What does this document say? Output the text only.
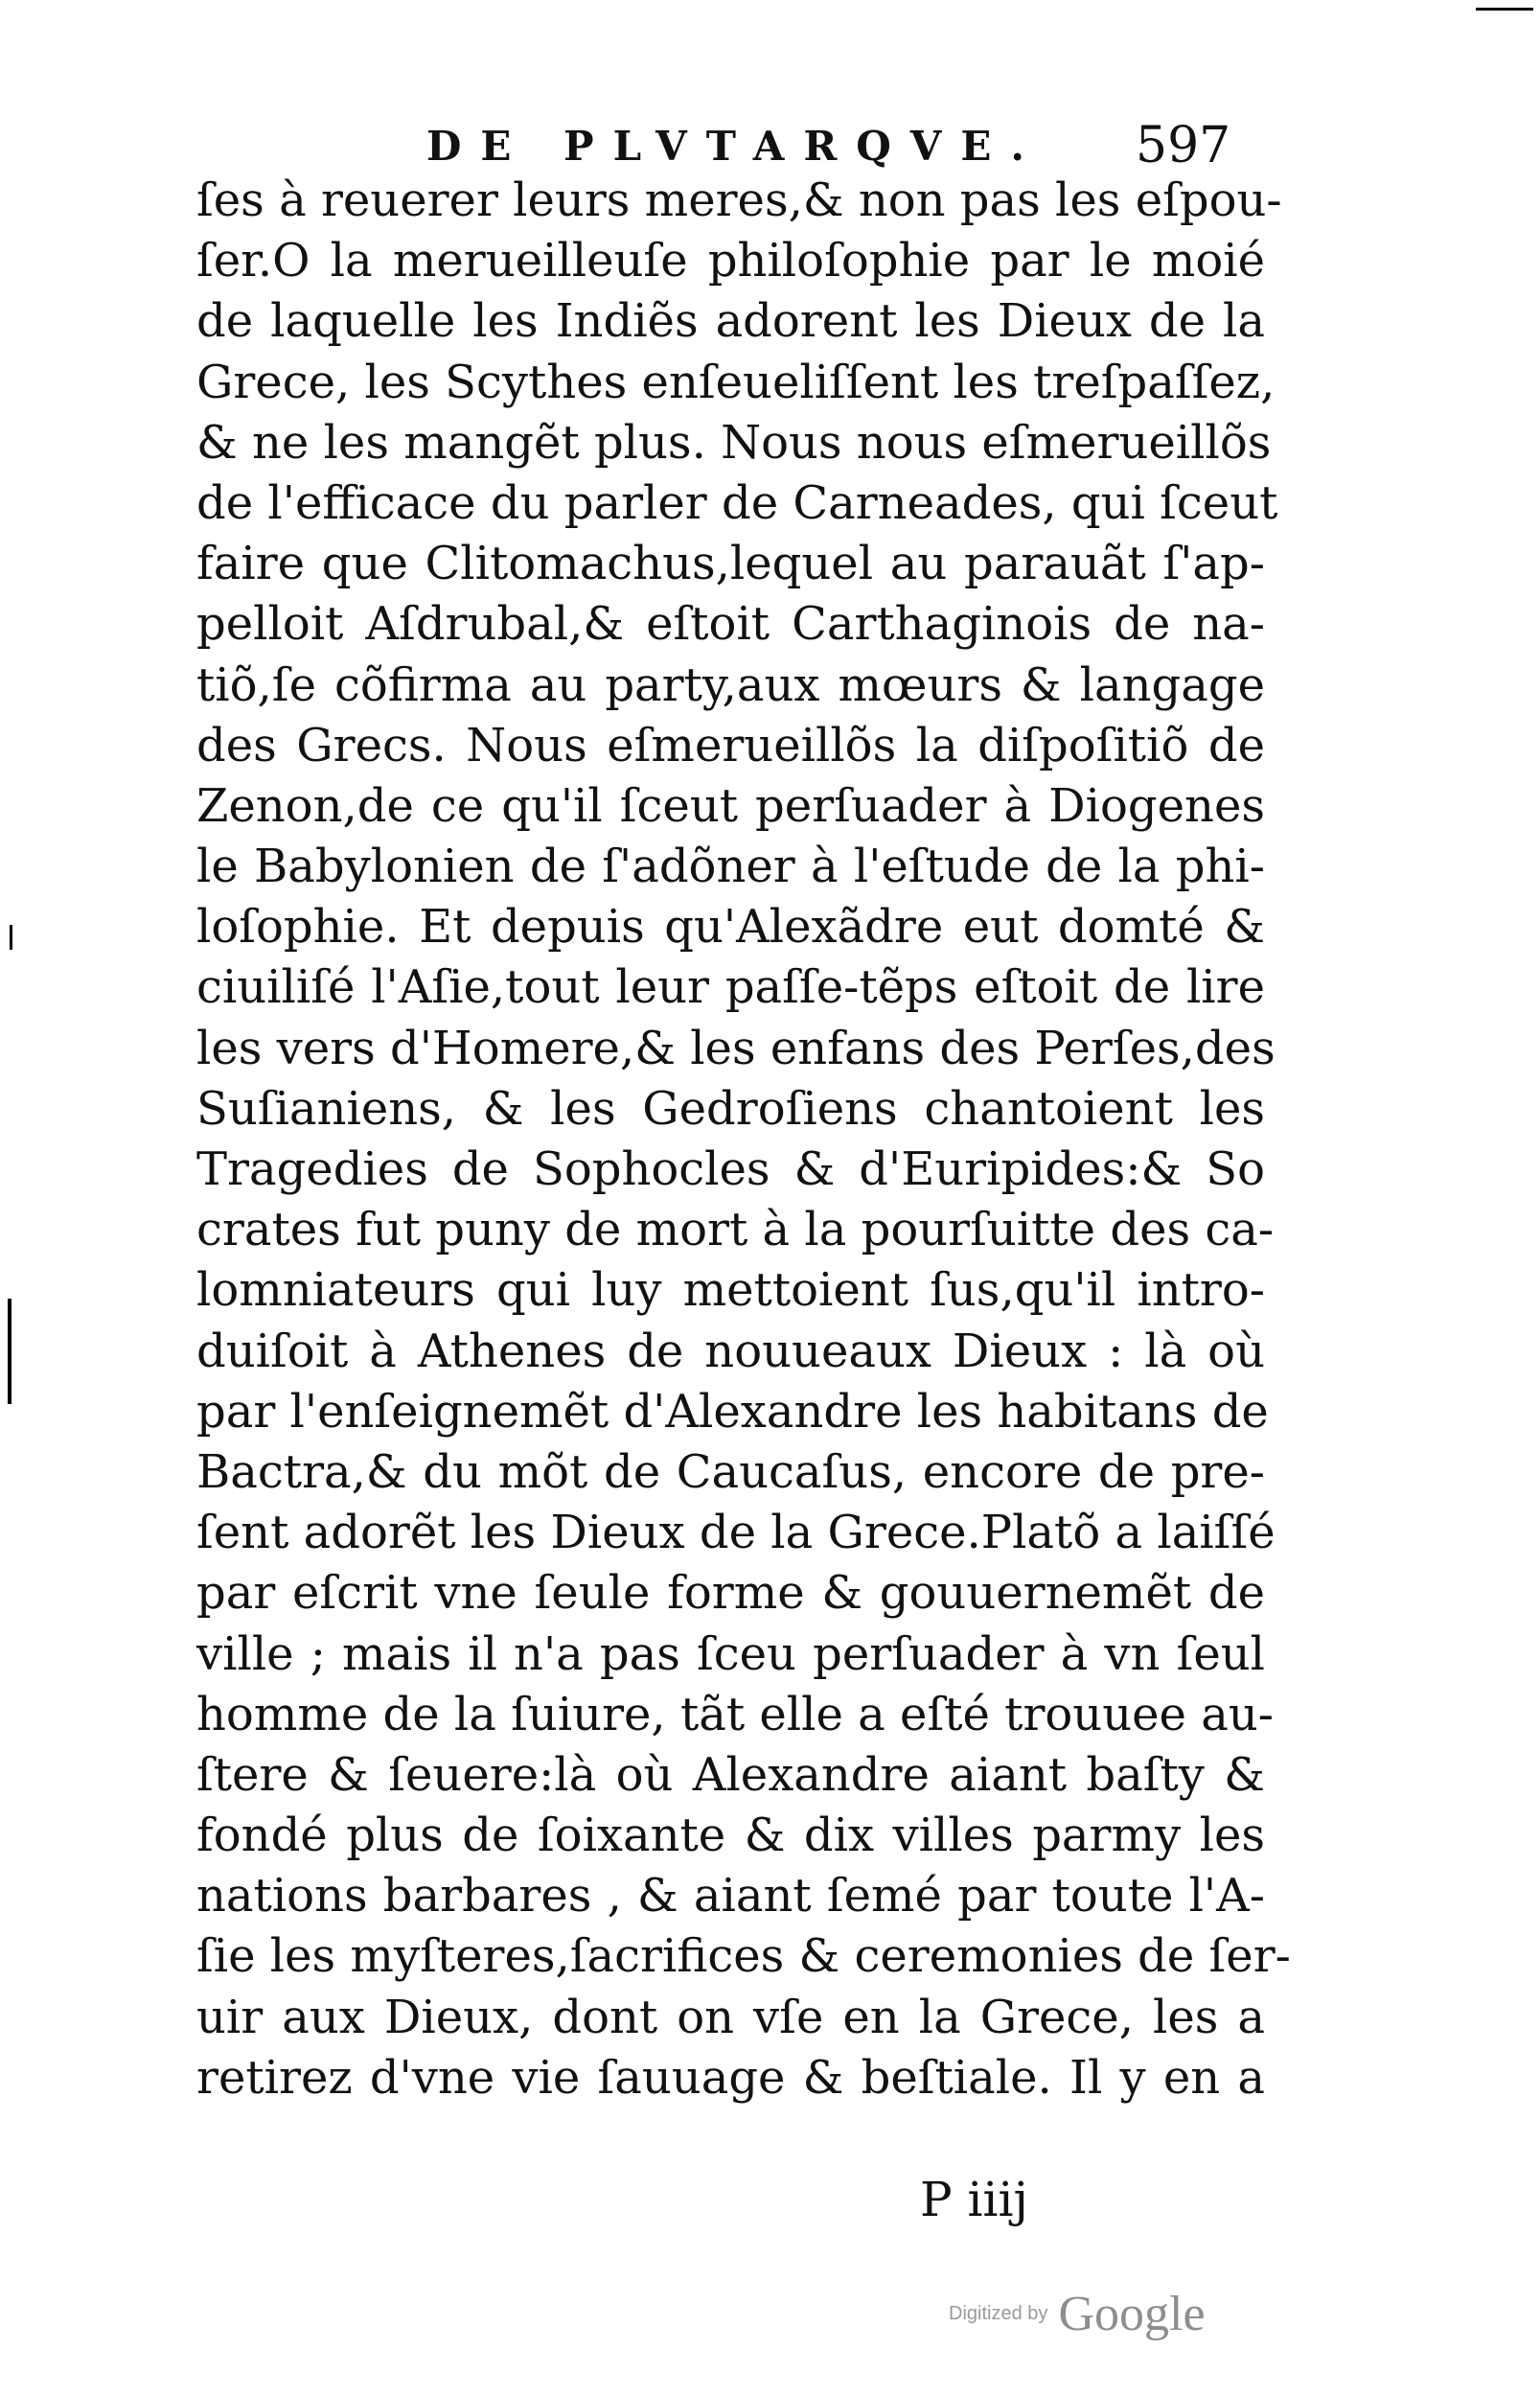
DE PLVTARQVE. 597
ſes à reuerer leurs meres,& non pas les eſpou-
ſer.O la merueilleuſe philoſophie par le moié
de laquelle les Indiẽs adorent les Dieux de la
Grece, les Scythes enſeueliſſent les treſpaſſez,
& ne les mangẽt plus. Nous nous eſmerueillõs
de l'efficace du parler de Carneades, qui ſceut
faire que Clitomachus,lequel au parauãt ſ'ap-
pelloit Aſdrubal,& eſtoit Carthaginois de na-
tiõ,ſe cõfirma au party,aux mœurs & langage
des Grecs. Nous eſmerueillõs la diſpoſitiõ de
Zenon,de ce qu'il ſceut perſuader à Diogenes
le Babylonien de ſ'adõner à l'eſtude de la phi-
loſophie. Et depuis qu'Alexãdre eut domté &
ciuiliſé l'Aſie,tout leur paſſe-tẽps eſtoit de lire
les vers d'Homere,& les enfans des Perſes,des
Suſianiens, & les Gedroſiens chantoient les
Tragedies de Sophocles & d'Euripides:& So
crates fut puny de mort à la pourſuitte des ca-
lomniateurs qui luy mettoient ſus,qu'il intro-
duiſoit à Athenes de nouueaux Dieux : là où
par l'enſeignemẽt d'Alexandre les habitans de
Bactra,& du mõt de Caucaſus, encore de pre-
ſent adorẽt les Dieux de la Grece.Platõ a laiſſé
par eſcrit vne ſeule forme & gouuernemẽt de
ville ; mais il n'a pas ſceu perſuader à vn ſeul
homme de la ſuiure, tãt elle a eſté trouuee au-
ſtere & ſeuere:là où Alexandre aiant baſty &
fondé plus de ſoixante & dix villes parmy les
nations barbares , & aiant ſemé par toute l'A-
ſie les myſteres,ſacrifices & ceremonies de ſer-
uir aux Dieux, dont on vſe en la Grece, les a
retirez d'vne vie ſauuage & beſtiale. Il y en a
P iiij
Digitized by Google
